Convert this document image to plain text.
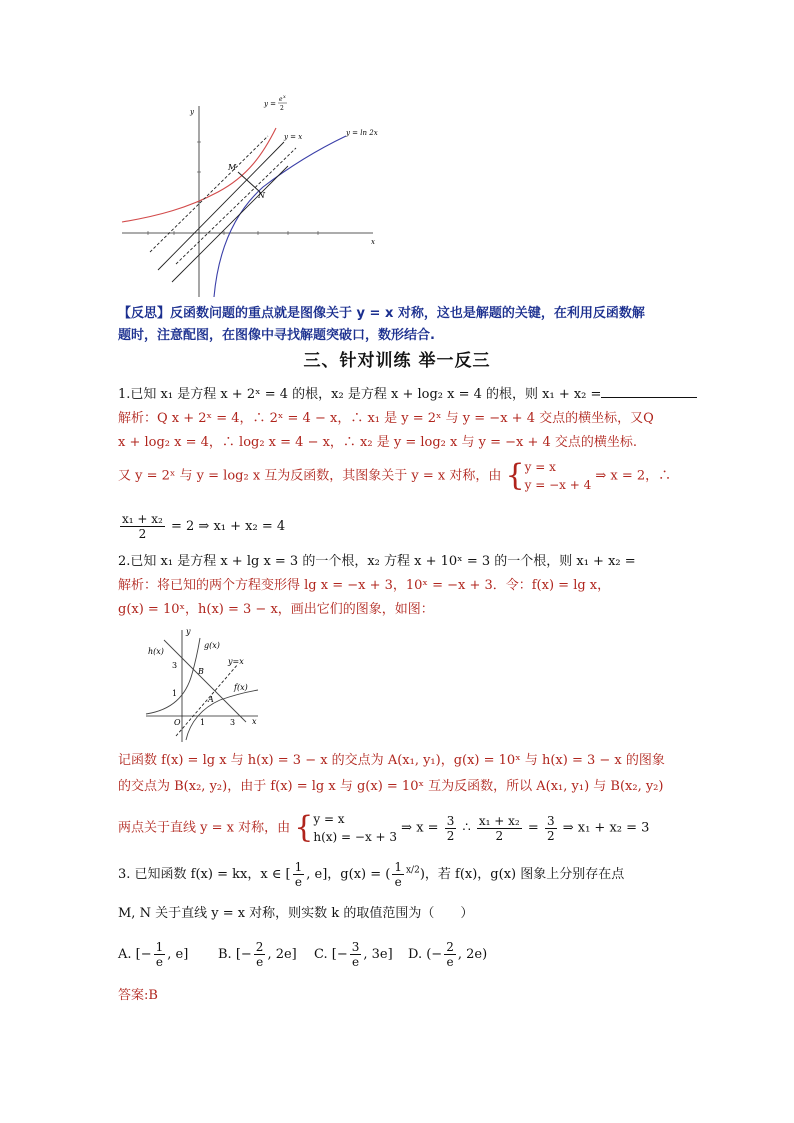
y =
e x
2
y = x	y = ln 2x
M
N
x
y
【反思】反函数问题的重点就是图像关于 y = x 对称，这也是解题的关键，在利用反函数解
题时，注意配图，在图像中寻找解题突破口，数形结合.
三、针对训练 举一反三
1.已知 x₁ 是方程 x + 2ˣ = 4 的根，x₂ 是方程 x + log₂ x = 4 的根，则 x₁ + x₂ =
解析：Q x + 2ˣ = 4，∴ 2ˣ = 4 − x，∴ x₁ 是 y = 2ˣ 与 y = −x + 4 交点的横坐标，又Q
x + log₂ x = 4，∴ log₂ x = 4 − x，∴ x₂ 是 y = log₂ x 与 y = −x + 4 交点的横坐标.
又 y = 2ˣ 与 y = log₂ x 互为反函数，其图象关于 y = x 对称，由 { y = x
y = −x + 4
⇒ x = 2，∴
$\frac{\text{x₁ + x₂}}{2} = 2$ ⇒ x₁ + x₂ = 4
2.已知 x₁ 是方程 x + lg x = 3 的一个根，x₂ 方程 x + 10ˣ = 3 的一个根，则 x₁ + x₂ =
解析：将已知的两个方程变形得 lg x = −x + 3，10ˣ = −x + 3．令：f(x) = lg x，
g(x) = 10ˣ，h(x) = 3 − x，画出它们的图象，如图：
h(x)
g(x)
y=x
f(x)
A
B
O 1	3
1
3
x
y
记函数 f(x) = lg x 与 h(x) = 3 − x 的交点为 A(x₁, y₁)，g(x) = 10ˣ 与 h(x) = 3 − x 的图象
的交点为 B(x₂, y₂)，由于 f(x) = lg x 与 g(x) = 10ˣ 互为反函数，所以 A(x₁, y₁) 与 B(x₂, y₂)
两点关于直线 y = x 对称，由 { y = x
h(x) = −x + 3
⇒ $x = \frac{3}{2}$ ∴ $\frac{\text{x₁ + x₂}}{2} = \frac{3}{2}$ ⇒ x₁ + x₂ = 3
3. 已知函数 f(x) = kx，x ∈ [ $\frac{1}{e}$ , e]，g(x) = ( $\frac{1}{e} ^{x/2}$)，若 f(x)，g(x) 图象上分别存在点
M, N 关于直线 y = x 对称，则实数 k 的取值范围为（　　）
A. [− $\frac{1}{e}$ , e] B. [− $\frac{2}{e}$ , 2e] C. [− $\frac{3}{e}$ , 3e] D. (− $\frac{2}{e}$ , 2e)
答案:B
